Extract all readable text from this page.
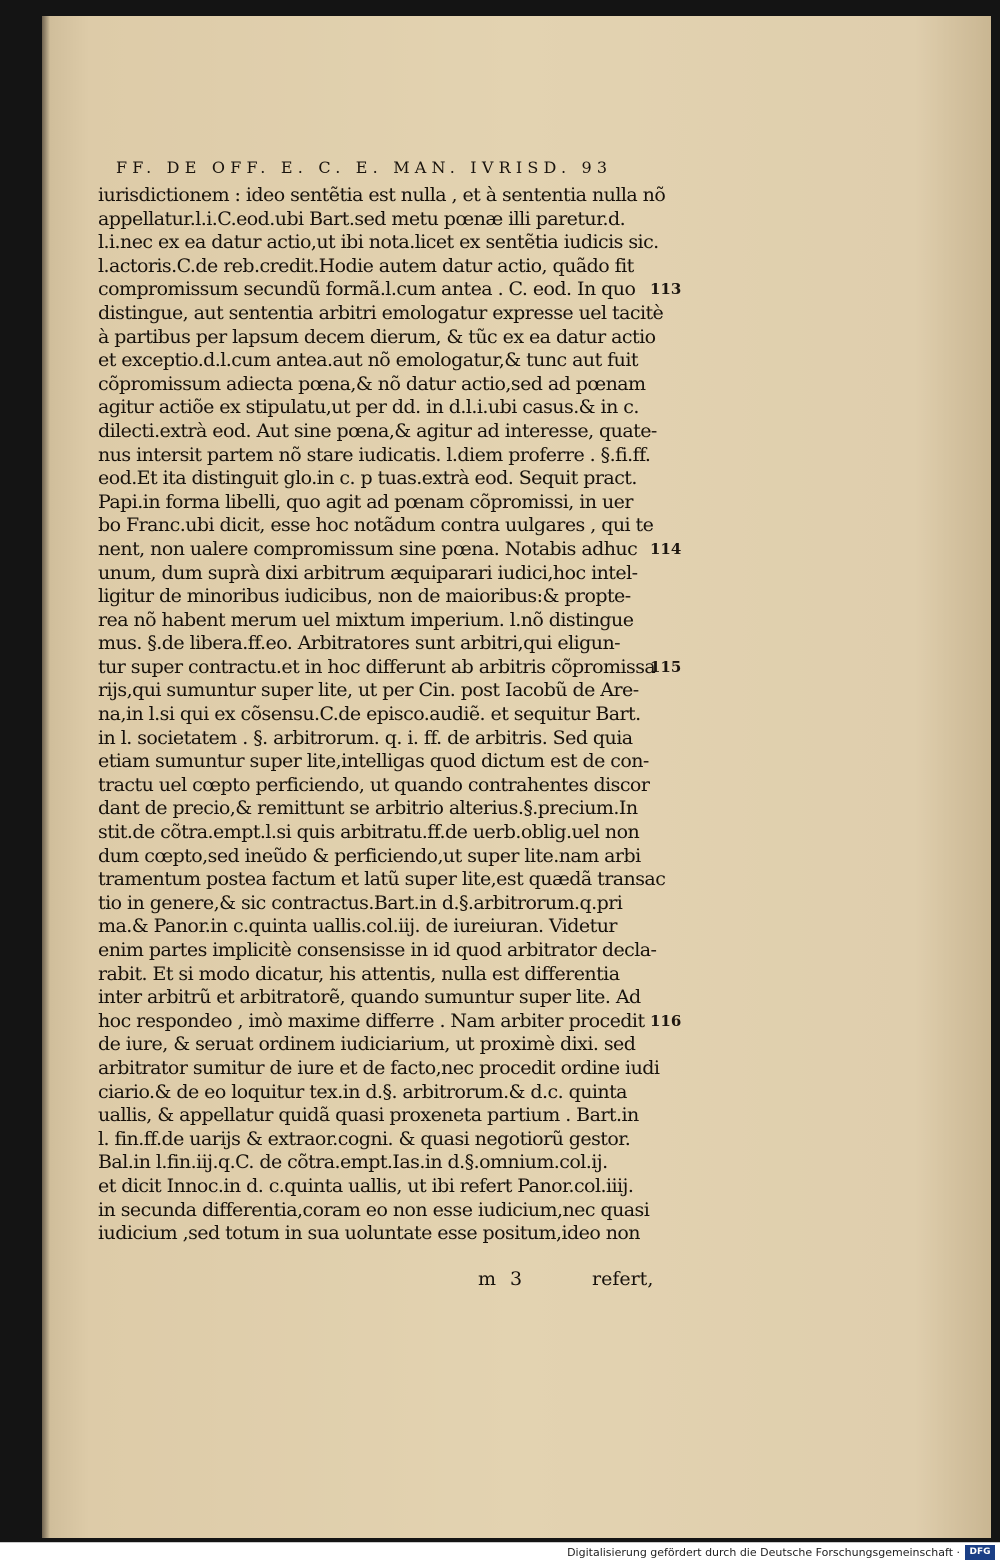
FF. DE OFF. E. C. E. MAN. IVRISD. 93
iurisdictionem : ideo sentẽtia est nulla , et à sententia nulla nõ
appellatur.l.i.C.eod.ubi Bart.sed metu pœnæ illi paretur.d.
l.i.nec ex ea datur actio,ut ibi nota.licet ex sentẽtia iudicis sic.
l.actoris.C.de reb.credit.Hodie autem datur actio, quãdo fit
compromissum secundũ formã.l.cum antea . C. eod. In quo
distingue, aut sententia arbitri emologatur expresse uel tacitè
à partibus per lapsum decem dierum, & tũc ex ea datur actio
et exceptio.d.l.cum antea.aut nõ emologatur,& tunc aut fuit
cõpromissum adiecta pœna,& nõ datur actio,sed ad pœnam
agitur actiõe ex stipulatu,ut per dd. in d.l.i.ubi casus.& in c.
dilecti.extrà eod. Aut sine pœna,& agitur ad interesse, quate-
nus intersit partem nõ stare iudicatis. l.diem proferre . §.fi.ff.
eod.Et ita distinguit glo.in c. p tuas.extrà eod. Sequit pract.
Papi.in forma libelli, quo agit ad pœnam cõpromissi, in uer
bo Franc.ubi dicit, esse hoc notãdum contra uulgares , qui te
nent, non ualere compromissum sine pœna. Notabis adhuc
unum, dum suprà dixi arbitrum æquiparari iudici,hoc intel-
ligitur de minoribus iudicibus, non de maioribus:& propte-
rea nõ habent merum uel mixtum imperium. l.nõ distingue
mus. §.de libera.ff.eo. Arbitratores sunt arbitri,qui eligun-
tur super contractu.et in hoc differunt ab arbitris cõpromissa
rijs,qui sumuntur super lite, ut per Cin. post Iacobũ de Are-
na,in l.si qui ex cõsensu.C.de episco.audiẽ. et sequitur Bart.
in l. societatem . §. arbitrorum. q. i. ff. de arbitris. Sed quia
etiam sumuntur super lite,intelligas quod dictum est de con-
tractu uel cœpto perficiendo, ut quando contrahentes discor
dant de precio,& remittunt se arbitrio alterius.§.precium.In
stit.de cõtra.empt.l.si quis arbitratu.ff.de uerb.oblig.uel non
dum cœpto,sed ineũdo & perficiendo,ut super lite.nam arbi
tramentum postea factum et latũ super lite,est quædã transac
tio in genere,& sic contractus.Bart.in d.§.arbitrorum.q.pri
ma.& Panor.in c.quinta uallis.col.iij. de iureiuran. Videtur
enim partes implicitè consensisse in id quod arbitrator decla-
rabit. Et si modo dicatur, his attentis, nulla est differentia
inter arbitrũ et arbitratorẽ, quando sumuntur super lite. Ad
hoc respondeo , imò maxime differre . Nam arbiter procedit
de iure, & seruat ordinem iudiciarium, ut proximè dixi. sed
arbitrator sumitur de iure et de facto,nec procedit ordine iudi
ciario.& de eo loquitur tex.in d.§. arbitrorum.& d.c. quinta
uallis, & appellatur quidã quasi proxeneta partium . Bart.in
l. fin.ff.de uarijs & extraor.cogni. & quasi negotiorũ gestor.
Bal.in l.fin.iij.q.C. de cõtra.empt.Ias.in d.§.omnium.col.ij.
et dicit Innoc.in d. c.quinta uallis, ut ibi refert Panor.col.iiij.
in secunda differentia,coram eo non esse iudicium,nec quasi
iudicium ,sed totum in sua uoluntate esse positum,ideo non
113
114
115
116
m 3	refert,
Digitalisierung gefördert durch die Deutsche Forschungsgemeinschaft ·	DFG
